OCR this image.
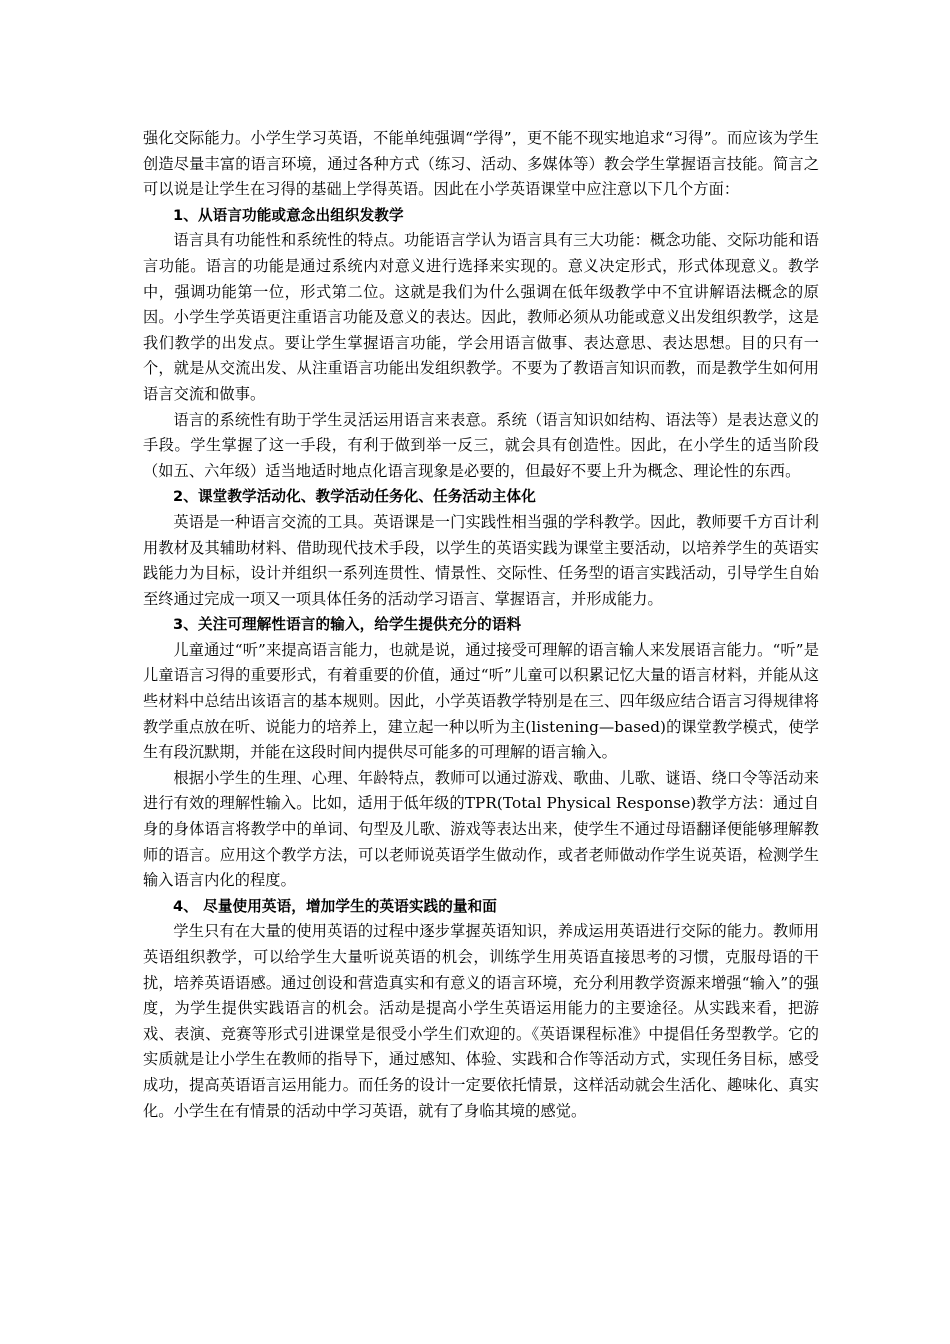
强化交际能力。小学生学习英语，不能单纯强调“学得”，更不能不现实地追求“习得”。而应该为学生创造尽量丰富的语言环境，通过各种方式（练习、活动、多媒体等）教会学生掌握语言技能。简言之可以说是让学生在习得的基础上学得英语。因此在小学英语课堂中应注意以下几个方面：

1、从语言功能或意念出组织发教学

语言具有功能性和系统性的特点。功能语言学认为语言具有三大功能：概念功能、交际功能和语言功能。语言的功能是通过系统内对意义进行选择来实现的。意义决定形式，形式体现意义。教学中，强调功能第一位，形式第二位。这就是我们为什么强调在低年级教学中不宜讲解语法概念的原因。小学生学英语更注重语言功能及意义的表达。因此，教师必须从功能或意义出发组织教学，这是我们教学的出发点。要让学生掌握语言功能，学会用语言做事、表达意思、表达思想。目的只有一个，就是从交流出发、从注重语言功能出发组织教学。不要为了教语言知识而教，而是教学生如何用语言交流和做事。

语言的系统性有助于学生灵活运用语言来表意。系统（语言知识如结构、语法等）是表达意义的手段。学生掌握了这一手段，有利于做到举一反三，就会具有创造性。因此，在小学生的适当阶段（如五、六年级）适当地适时地点化语言现象是必要的，但最好不要上升为概念、理论性的东西。

2、课堂教学活动化、教学活动任务化、任务活动主体化

英语是一种语言交流的工具。英语课是一门实践性相当强的学科教学。因此，教师要千方百计利用教材及其辅助材料、借助现代技术手段，以学生的英语实践为课堂主要活动，以培养学生的英语实践能力为目标，设计并组织一系列连贯性、情景性、交际性、任务型的语言实践活动，引导学生自始至终通过完成一项又一项具体任务的活动学习语言、掌握语言，并形成能力。

3、关注可理解性语言的输入，给学生提供充分的语料

儿童通过“听”来提高语言能力，也就是说，通过接受可理解的语言输人来发展语言能力。“听”是儿童语言习得的重要形式，有着重要的价值，通过“听”儿童可以积累记忆大量的语言材料，并能从这些材料中总结出该语言的基本规则。因此，小学英语教学特别是在三、四年级应结合语言习得规律将教学重点放在听、说能力的培养上，建立起一种以听为主(listening—based)的课堂教学模式，使学生有段沉默期，并能在这段时间内提供尽可能多的可理解的语言输入。

根据小学生的生理、心理、年龄特点，教师可以通过游戏、歌曲、儿歌、谜语、绕口令等活动来进行有效的理解性输入。比如，适用于低年级的TPR(Total Physical Response)教学方法：通过自身的身体语言将教学中的单词、句型及儿歌、游戏等表达出来，使学生不通过母语翻译便能够理解教师的语言。应用这个教学方法，可以老师说英语学生做动作，或者老师做动作学生说英语，检测学生输入语言内化的程度。

4、 尽量使用英语，增加学生的英语实践的量和面

学生只有在大量的使用英语的过程中逐步掌握英语知识，养成运用英语进行交际的能力。教师用英语组织教学，可以给学生大量听说英语的机会，训练学生用英语直接思考的习惯，克服母语的干扰，培养英语语感。通过创设和营造真实和有意义的语言环境，充分利用教学资源来增强“输入”的强度，为学生提供实践语言的机会。活动是提高小学生英语运用能力的主要途径。从实践来看，把游戏、表演、竞赛等形式引进课堂是很受小学生们欢迎的。《英语课程标准》中提倡任务型教学。它的实质就是让小学生在教师的指导下，通过感知、体验、实践和合作等活动方式，实现任务目标，感受成功，提高英语语言运用能力。而任务的设计一定要依托情景，这样活动就会生活化、趣味化、真实化。小学生在有情景的活动中学习英语，就有了身临其境的感觉。
